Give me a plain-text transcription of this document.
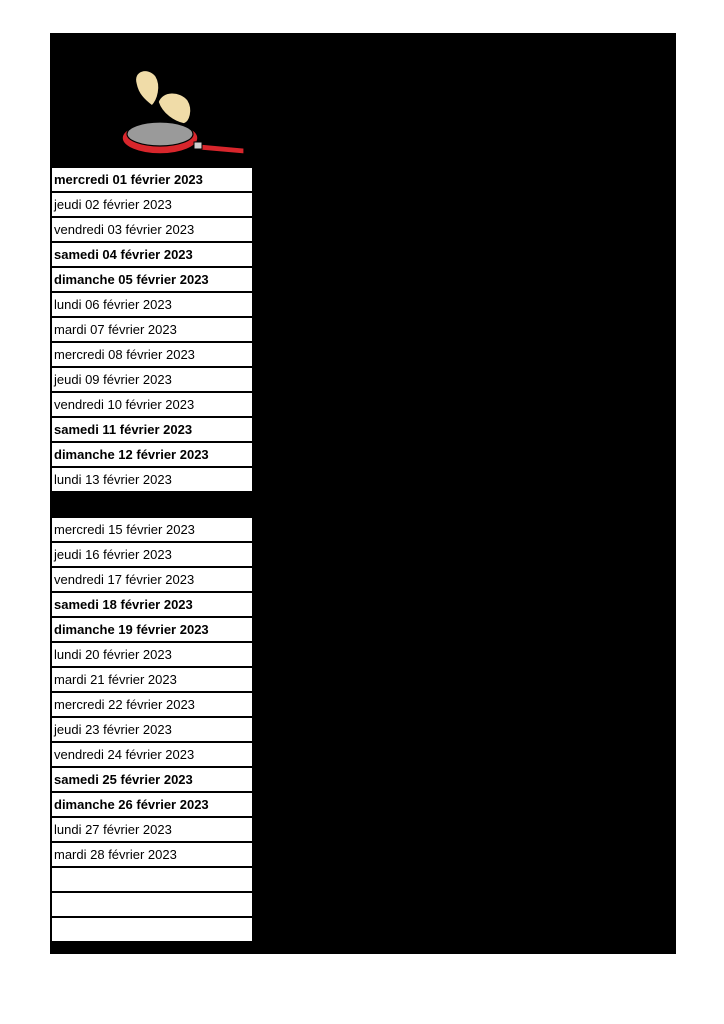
mercredi 01 février 2023
jeudi 02 février 2023
vendredi 03 février 2023
samedi 04 février 2023
dimanche 05 février 2023
lundi 06 février 2023
mardi 07 février 2023
mercredi 08 février 2023
jeudi 09 février 2023
vendredi 10 février 2023
samedi 11 février 2023
dimanche 12 février 2023
lundi 13 février 2023
mercredi 15 février 2023
jeudi 16 février 2023
vendredi 17 février 2023
samedi 18 février 2023
dimanche 19 février 2023
lundi 20 février 2023
mardi 21 février 2023
mercredi 22 février 2023
jeudi 23 février 2023
vendredi 24 février 2023
samedi 25 février 2023
dimanche 26 février 2023
lundi 27 février 2023
mardi 28 février 2023
